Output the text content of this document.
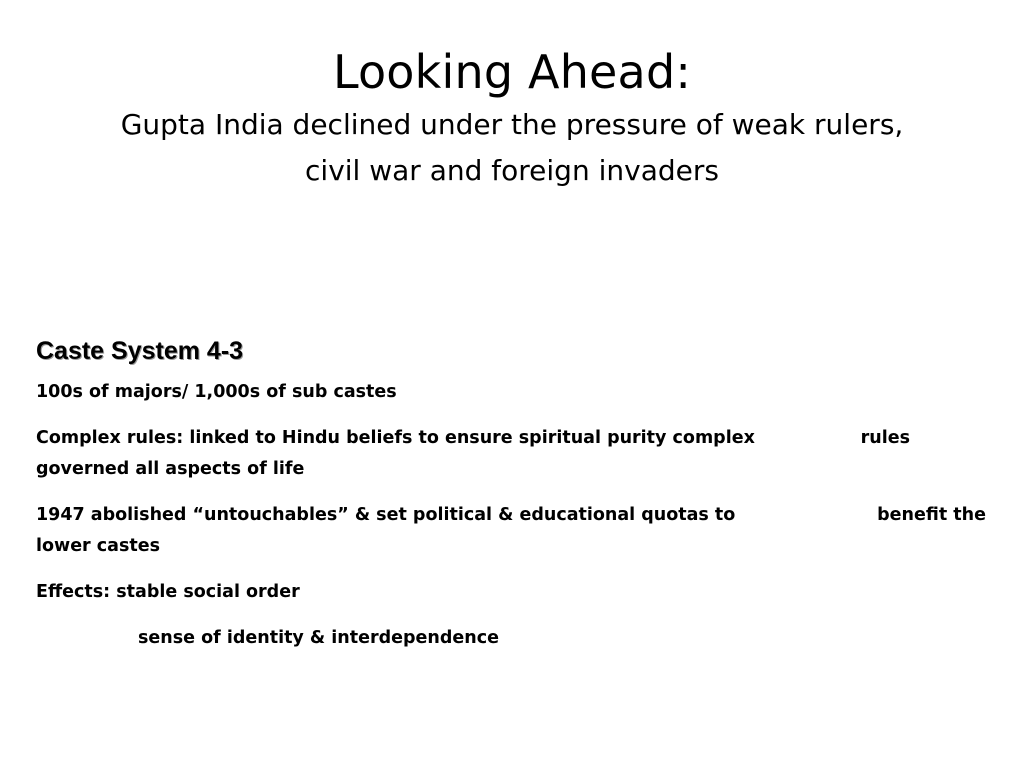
Looking Ahead:
Gupta India declined under the pressure of weak rulers,
civil war and foreign invaders
Caste System 4-3
100s of majors/ 1,000s of sub castes
Complex rules: linked to Hindu beliefs to ensure spiritual purity complex	rules
governed all aspects of life
1947 abolished “untouchables” & set political & educational quotas to	benefit the
lower castes
Effects: stable social order
sense of identity & interdependence
